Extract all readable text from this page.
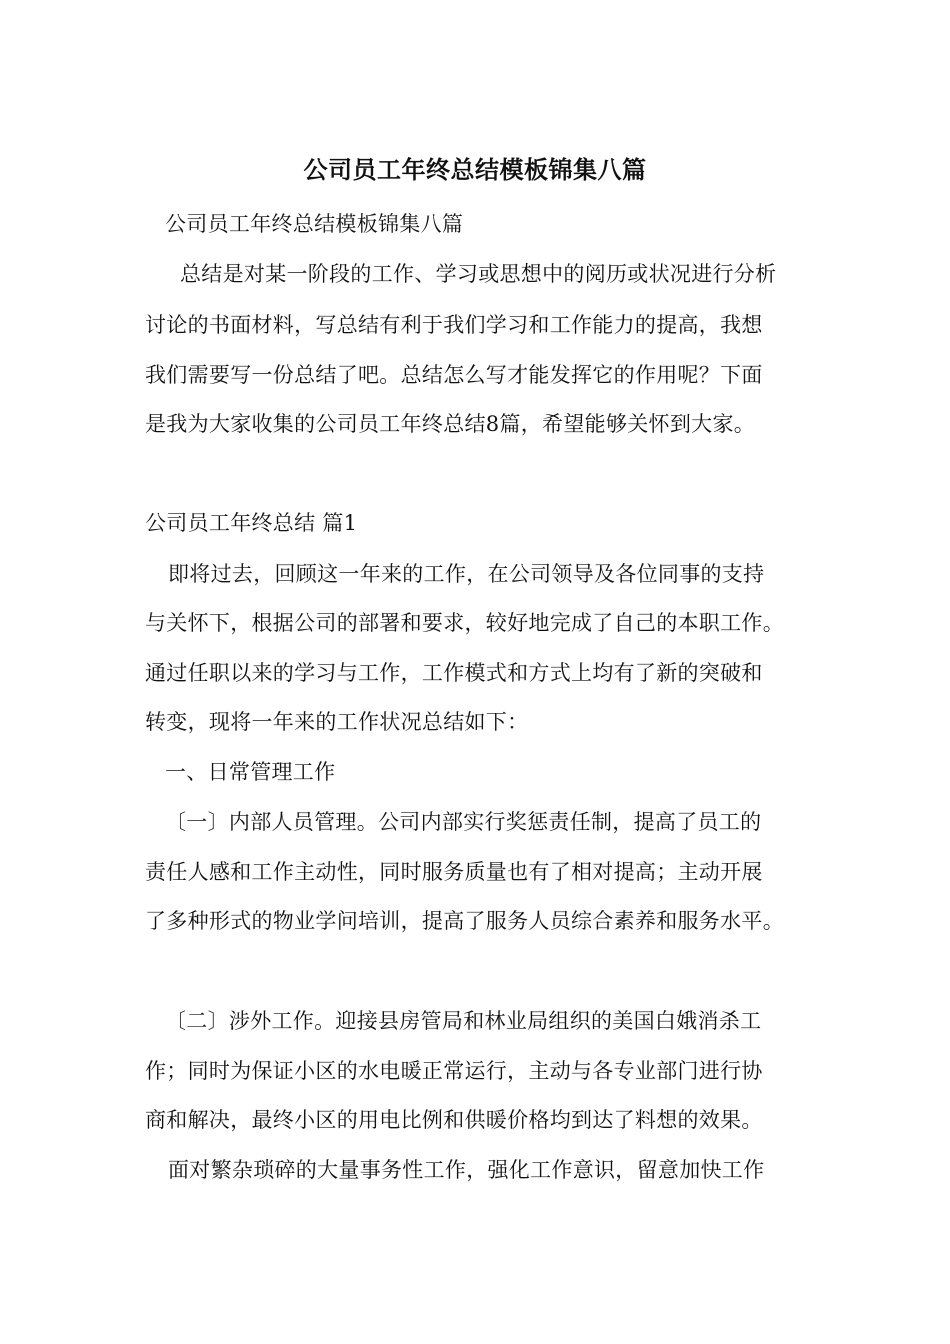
公司员工年终总结模板锦集八篇
公司员工年终总结模板锦集八篇
总结是对某一阶段的工作、学习或思想中的阅历或状况进行分析
讨论的书面材料，写总结有利于我们学习和工作能力的提高，我想
我们需要写一份总结了吧。总结怎么写才能发挥它的作用呢？下面
是我为大家收集的公司员工年终总结8篇，希望能够关怀到大家。
公司员工年终总结 篇1
即将过去，回顾这一年来的工作，在公司领导及各位同事的支持
与关怀下，根据公司的部署和要求，较好地完成了自己的本职工作。
通过任职以来的学习与工作，工作模式和方式上均有了新的突破和
转变，现将一年来的工作状况总结如下：
一、日常管理工作
〔一〕内部人员管理。公司内部实行奖惩责任制，提高了员工的
责任人感和工作主动性，同时服务质量也有了相对提高；主动开展
了多种形式的物业学问培训，提高了服务人员综合素养和服务水平。
〔二〕涉外工作。迎接县房管局和林业局组织的美国白娥消杀工
作；同时为保证小区的水电暖正常运行，主动与各专业部门进行协
商和解决，最终小区的用电比例和供暖价格均到达了料想的效果。
面对繁杂琐碎的大量事务性工作，强化工作意识，留意加快工作
